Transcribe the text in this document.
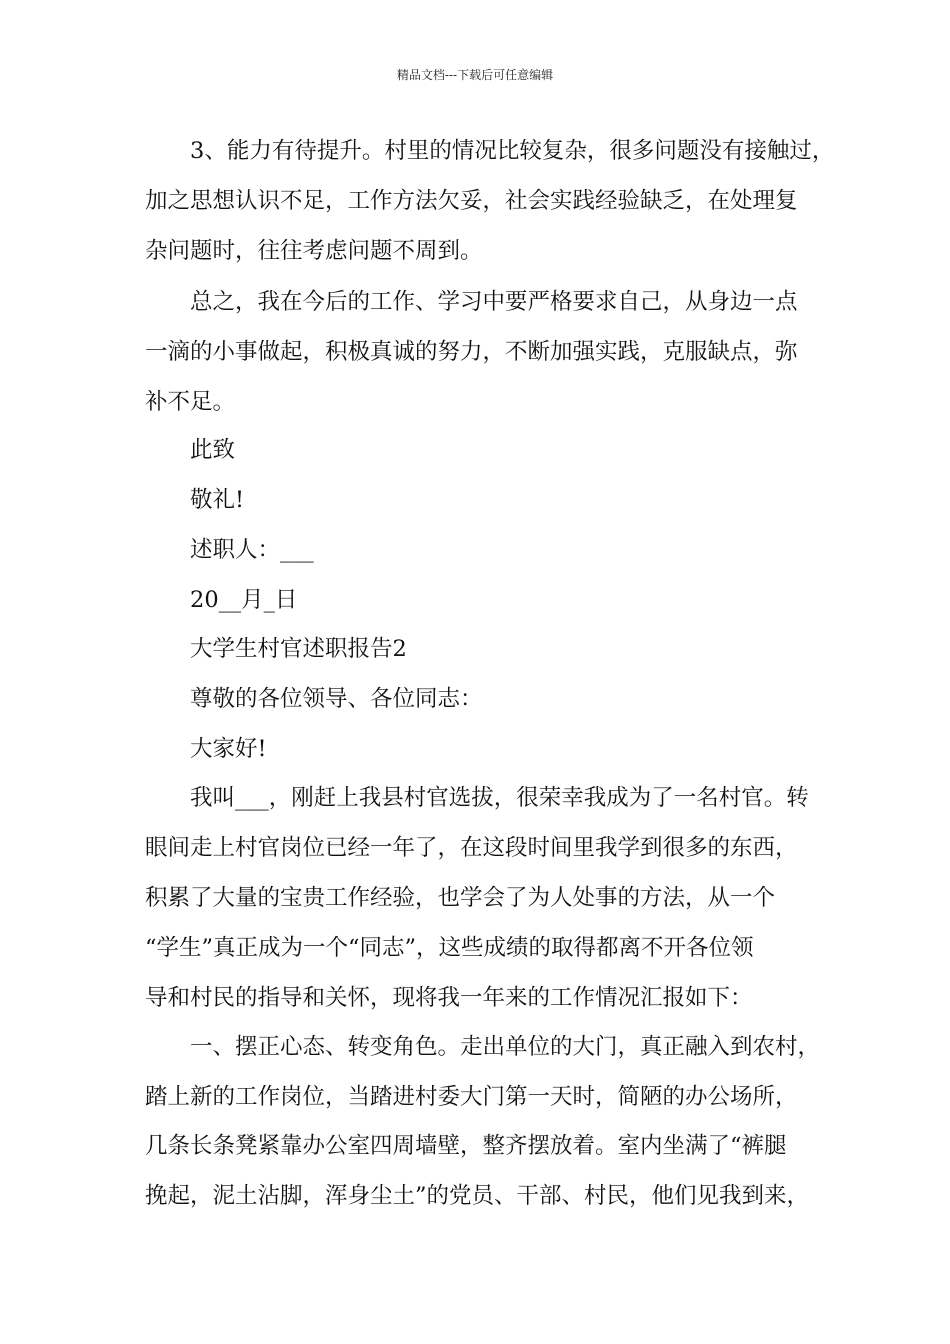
精品文档---下载后可任意编辑
3、能力有待提升。村里的情况比较复杂，很多问题没有接触过，
加之思想认识不足，工作方法欠妥，社会实践经验缺乏，在处理复
杂问题时，往往考虑问题不周到。
总之，我在今后的工作、学习中要严格要求自己，从身边一点
一滴的小事做起，积极真诚的努力，不断加强实践，克服缺点，弥
补不足。
此致
敬礼!
述职人：___
20__月_日
大学生村官述职报告2
尊敬的各位领导、各位同志：
大家好!
我叫___，刚赶上我县村官选拔，很荣幸我成为了一名村官。转
眼间走上村官岗位已经一年了，在这段时间里我学到很多的东西，
积累了大量的宝贵工作经验，也学会了为人处事的方法，从一个
“学生”真正成为一个“同志”，这些成绩的取得都离不开各位领
导和村民的指导和关怀，现将我一年来的工作情况汇报如下：
一、摆正心态、转变角色。走出单位的大门，真正融入到农村，
踏上新的工作岗位，当踏进村委大门第一天时，简陋的办公场所，
几条长条凳紧靠办公室四周墙壁，整齐摆放着。室内坐满了“裤腿
挽起，泥土沾脚，浑身尘土”的党员、干部、村民，他们见我到来，
